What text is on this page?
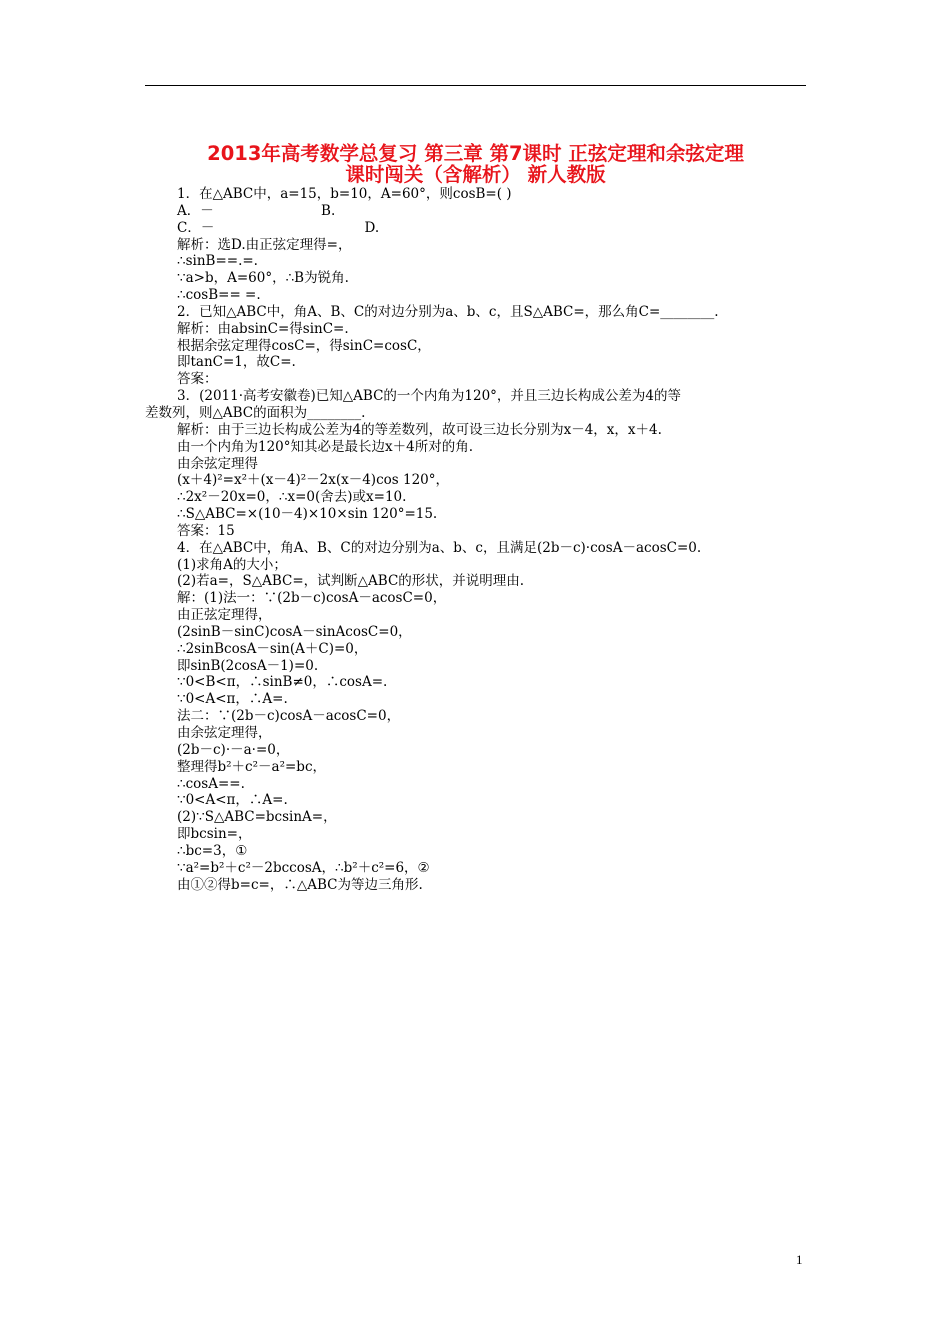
2013年高考数学总复习 第三章 第7课时 正弦定理和余弦定理
课时闯关（含解析） 新人教版
1．在△ABC中，a=15，b=10，A=60°，则cosB=( )
A．－                         B.
C．－                                   D.
解析：选D.由正弦定理得=，
∴sinB==.=.
∵a>b，A=60°，∴B为锐角.
∴cosB== =.
2．已知△ABC中，角A、B、C的对边分别为a、b、c，且S△ABC=，那么角C=________.
解析：由absinC=得sinC=.
根据余弦定理得cosC=，得sinC=cosC，
即tanC=1，故C=.
答案：
3．(2011·高考安徽卷)已知△ABC的一个内角为120°，并且三边长构成公差为4的等
差数列，则△ABC的面积为________.
解析：由于三边长构成公差为4的等差数列，故可设三边长分别为x－4，x，x＋4.
由一个内角为120°知其必是最长边x＋4所对的角.
由余弦定理得
(x＋4)²=x²＋(x－4)²－2x(x－4)cos 120°，
∴2x²－20x=0，∴x=0(舍去)或x=10.
∴S△ABC=×(10－4)×10×sin 120°=15.
答案：15
4．在△ABC中，角A、B、C的对边分别为a、b、c，且满足(2b－c)·cosA－acosC=0.
(1)求角A的大小；
(2)若a=，S△ABC=，试判断△ABC的形状，并说明理由.
解：(1)法一：∵(2b－c)cosA－acosC=0，
由正弦定理得，
(2sinB－sinC)cosA－sinAcosC=0，
∴2sinBcosA－sin(A＋C)=0，
即sinB(2cosA－1)=0.
∵0<B<π，∴sinB≠0，∴cosA=.
∵0<A<π，∴A=.
法二：∵(2b－c)cosA－acosC=0，
由余弦定理得，
(2b－c)·－a·=0，
整理得b²＋c²－a²=bc，
∴cosA==.
∵0<A<π，∴A=.
(2)∵S△ABC=bcsinA=，
即bcsin=，
∴bc=3，①
∵a²=b²＋c²－2bccosA，∴b²＋c²=6，②
由①②得b=c=，∴△ABC为等边三角形.
1
